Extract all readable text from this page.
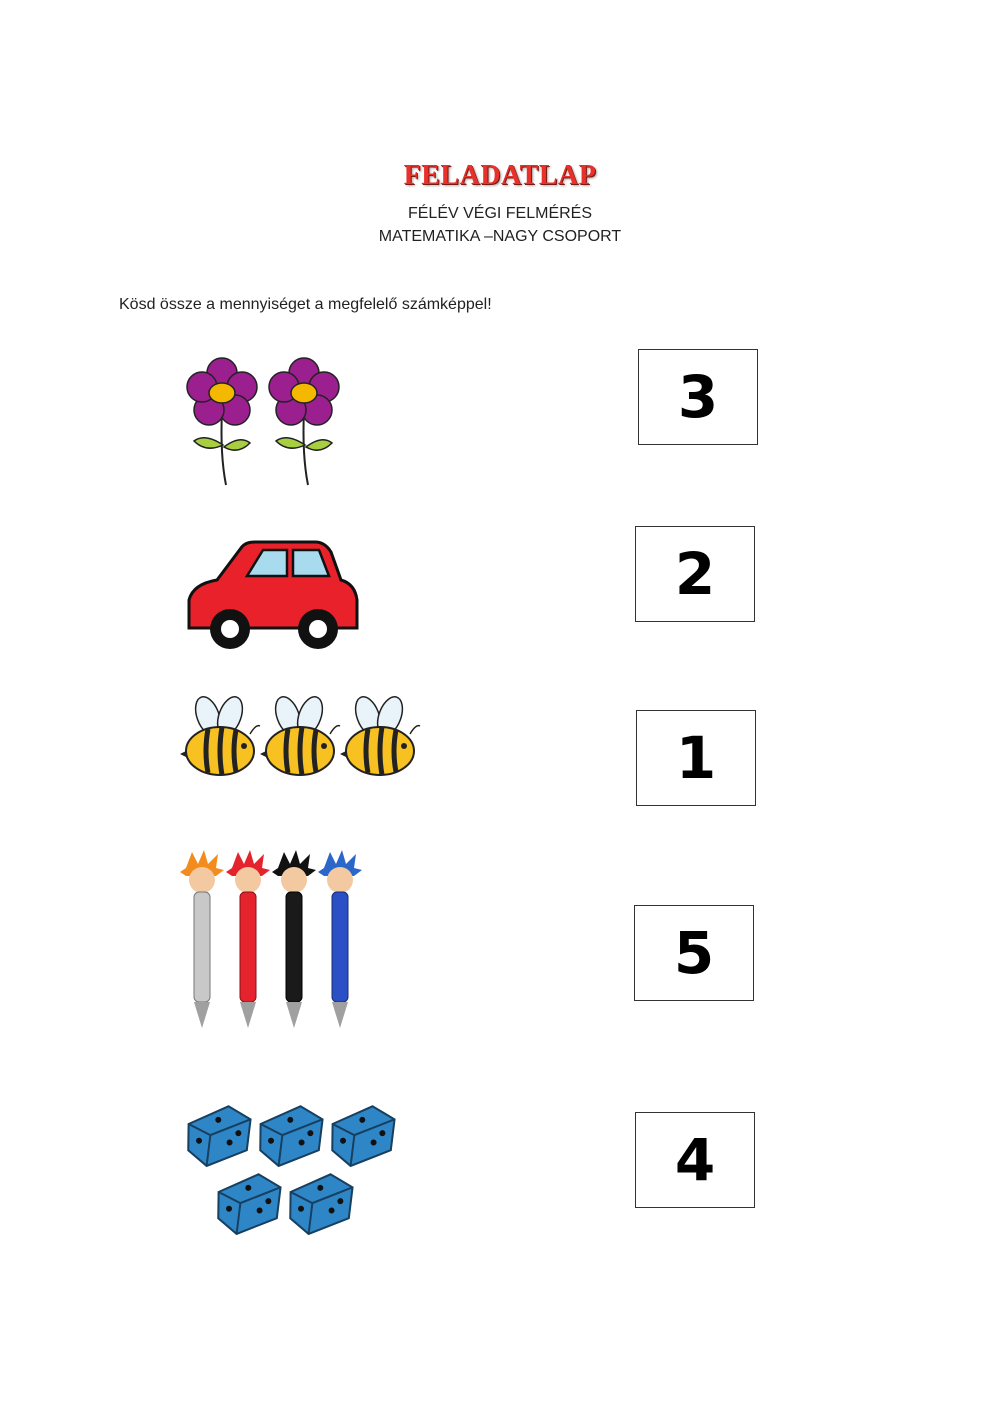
FELADATLAP
FÉLÉV VÉGI FELMÉRÉS
MATEMATIKA –NAGY CSOPORT
Kösd össze a mennyiséget a megfelelő számképpel!
3
2
1
5
4
